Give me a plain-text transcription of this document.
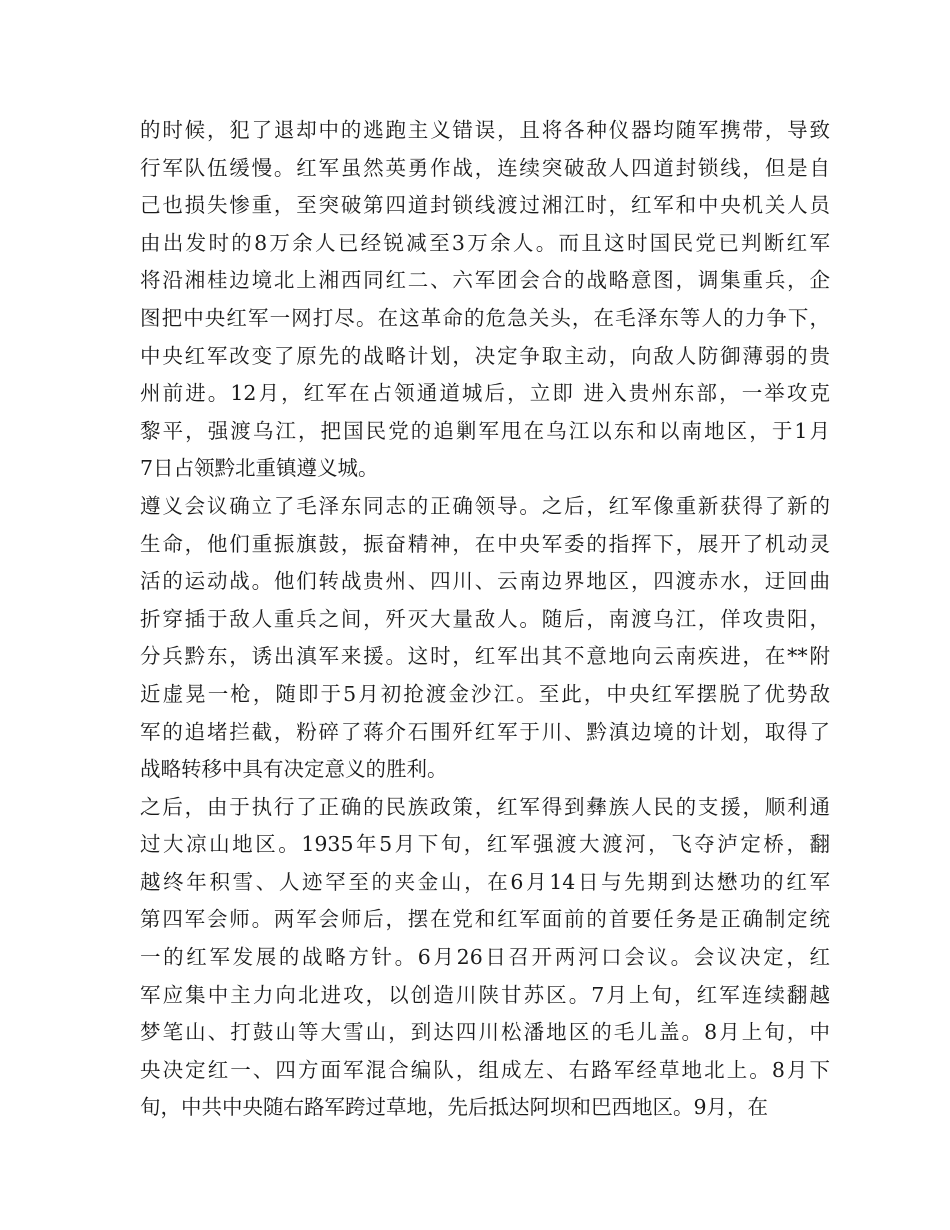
的时候，犯了退却中的逃跑主义错误，且将各种仪器均随军携带，导致
行军队伍缓慢。红军虽然英勇作战，连续突破敌人四道封锁线，但是自
己也损失惨重，至突破第四道封锁线渡过湘江时，红军和中央机关人员
由出发时的8万余人已经锐减至3万余人。而且这时国民党已判断红军
将沿湘桂边境北上湘西同红二、六军团会合的战略意图，调集重兵，企
图把中央红军一网打尽。在这革命的危急关头，在毛泽东等人的力争下，
中央红军改变了原先的战略计划，决定争取主动，向敌人防御薄弱的贵
州前进。12月，红军在占领通道城后，立即 进入贵州东部，一举攻克
黎平，强渡乌江，把国民党的追剿军甩在乌江以东和以南地区，于1月
7日占领黔北重镇遵义城。
遵义会议确立了毛泽东同志的正确领导。之后，红军像重新获得了新的
生命，他们重振旗鼓，振奋精神，在中央军委的指挥下，展开了机动灵
活的运动战。他们转战贵州、四川、云南边界地区，四渡赤水，迂回曲
折穿插于敌人重兵之间，歼灭大量敌人。随后，南渡乌江，佯攻贵阳，
分兵黔东，诱出滇军来援。这时，红军出其不意地向云南疾进，在**附
近虚晃一枪，随即于5月初抢渡金沙江。至此，中央红军摆脱了优势敌
军的追堵拦截，粉碎了蒋介石围歼红军于川、黔滇边境的计划，取得了
战略转移中具有决定意义的胜利。
之后，由于执行了正确的民族政策，红军得到彝族人民的支援，顺利通
过大凉山地区。1935年5月下旬，红军强渡大渡河，飞夺泸定桥，翻
越终年积雪、人迹罕至的夹金山，在6月14日与先期到达懋功的红军
第四军会师。两军会师后，摆在党和红军面前的首要任务是正确制定统
一的红军发展的战略方针。6月26日召开两河口会议。会议决定，红
军应集中主力向北进攻，以创造川陕甘苏区。7月上旬，红军连续翻越
梦笔山、打鼓山等大雪山，到达四川松潘地区的毛儿盖。8月上旬，中
央决定红一、四方面军混合编队，组成左、右路军经草地北上。8月下
旬，中共中央随右路军跨过草地，先后抵达阿坝和巴西地区。9月，在
